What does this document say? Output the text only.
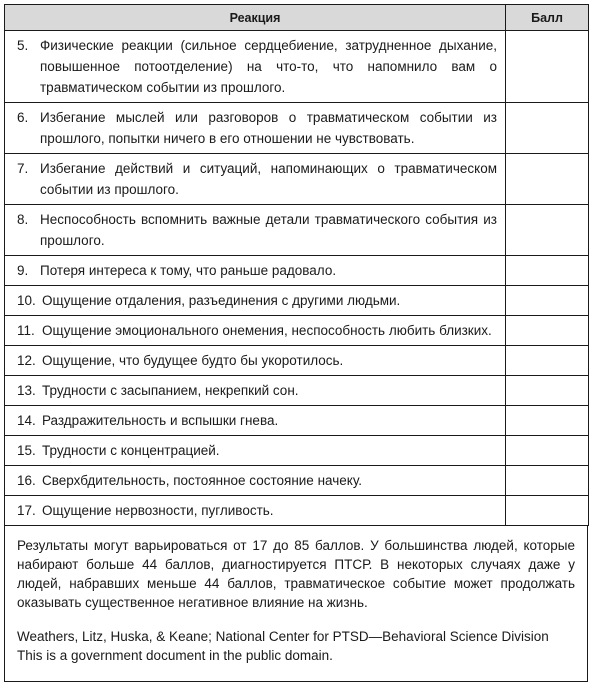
Реакция	Балл

5. Физические реакции (сильное сердцебиение, затрудненное дыхание, повышенное потоотделение) на что-то, что напомнило вам о травматическом событии из прошлого.	

6. Избегание мыслей или разговоров о травматическом событии из прошлого, попытки ничего в его отношении не чувствовать.	

7. Избегание действий и ситуаций, напоминающих о травматическом событии из прошлого.	

8. Неспособность вспомнить важные детали травматического события из прошлого.	

9. Потеря интереса к тому, что раньше радовало.	

10. Ощущение отдаления, разъединения с другими людьми.	

11. Ощущение эмоционального онемения, неспособность любить близких.	

12. Ощущение, что будущее будто бы укоротилось.	

13. Трудности с засыпанием, некрепкий сон.	

14. Раздражительность и вспышки гнева.	

15. Трудности с концентрацией.	

16. Сверхбдительность, постоянное состояние начеку.	

17. Ощущение нервозности, пугливость.	

Результаты могут варьироваться от 17 до 85 баллов. У большинства людей, которые набирают больше 44 баллов, диагностируется ПТСР. В некоторых случаях даже у людей, набравших меньше 44 баллов, травматическое событие может продолжать оказывать существенное негативное влияние на жизнь.

Weathers, Litz, Huska, & Keane; National Center for PTSD—Behavioral Science Division

This is a government document in the public domain.
